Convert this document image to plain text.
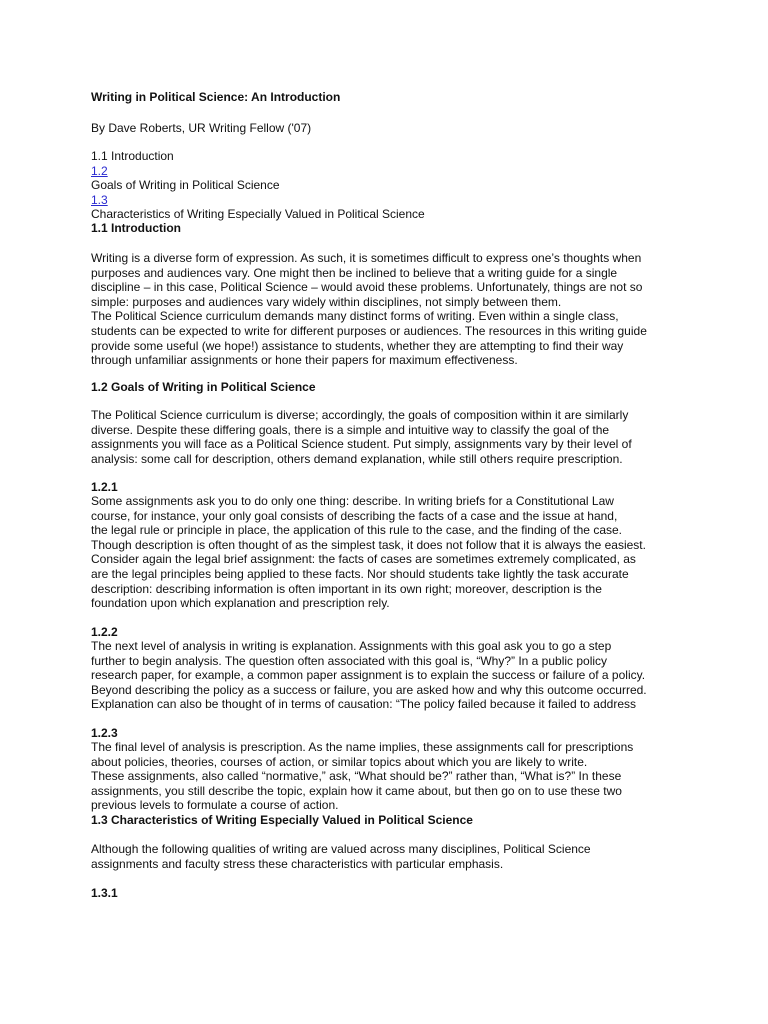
Writing in Political Science: An Introduction
By Dave Roberts, UR Writing Fellow ('07)
1.1 Introduction
1.2
Goals of Writing in Political Science
1.3
Characteristics of Writing Especially Valued in Political Science
1.1 Introduction
Writing is a diverse form of expression. As such, it is sometimes difficult to express one’s thoughts when
purposes and audiences vary. One might then be inclined to believe that a writing guide for a single
discipline – in this case, Political Science – would avoid these problems. Unfortunately, things are not so
simple: purposes and audiences vary widely within disciplines, not simply between them.
The Political Science curriculum demands many distinct forms of writing. Even within a single class,
students can be expected to write for different purposes or audiences. The resources in this writing guide
provide some useful (we hope!) assistance to students, whether they are attempting to find their way
through unfamiliar assignments or hone their papers for maximum effectiveness.
1.2 Goals of Writing in Political Science
The Political Science curriculum is diverse; accordingly, the goals of composition within it are similarly
diverse. Despite these differing goals, there is a simple and intuitive way to classify the goal of the
assignments you will face as a Political Science student. Put simply, assignments vary by their level of
analysis: some call for description, others demand explanation, while still others require prescription.
1.2.1
Some assignments ask you to do only one thing: describe. In writing briefs for a Constitutional Law
course, for instance, your only goal consists of describing the facts of a case and the issue at hand,
the legal rule or principle in place, the application of this rule to the case, and the finding of the case.
Though description is often thought of as the simplest task, it does not follow that it is always the easiest.
Consider again the legal brief assignment: the facts of cases are sometimes extremely complicated, as
are the legal principles being applied to these facts. Nor should students take lightly the task accurate
description: describing information is often important in its own right; moreover, description is the
foundation upon which explanation and prescription rely.
1.2.2
The next level of analysis in writing is explanation. Assignments with this goal ask you to go a step
further to begin analysis. The question often associated with this goal is, “Why?” In a public policy
research paper, for example, a common paper assignment is to explain the success or failure of a policy.
Beyond describing the policy as a success or failure, you are asked how and why this outcome occurred.
Explanation can also be thought of in terms of causation: “The policy failed because it failed to address
1.2.3
The final level of analysis is prescription. As the name implies, these assignments call for prescriptions
about policies, theories, courses of action, or similar topics about which you are likely to write.
These assignments, also called “normative,” ask, “What should be?” rather than, “What is?” In these
assignments, you still describe the topic, explain how it came about, but then go on to use these two
previous levels to formulate a course of action.
1.3 Characteristics of Writing Especially Valued in Political Science
Although the following qualities of writing are valued across many disciplines, Political Science
assignments and faculty stress these characteristics with particular emphasis.
1.3.1
